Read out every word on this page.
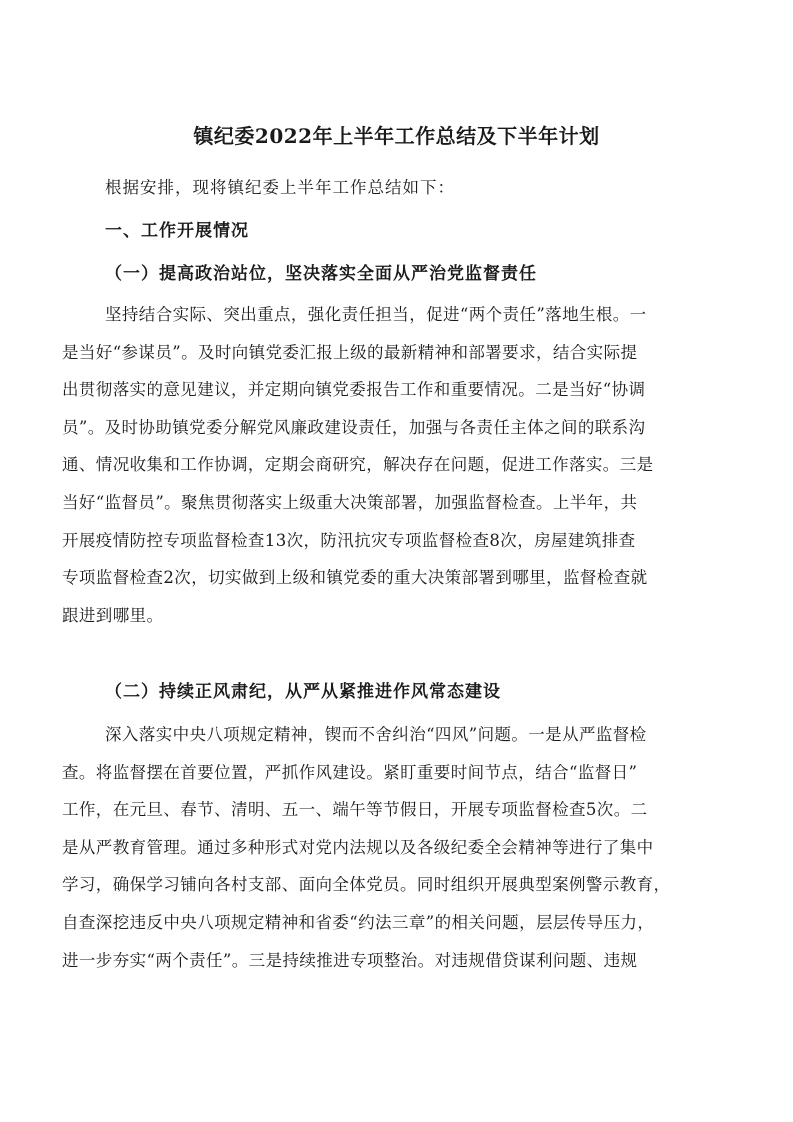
镇纪委2022年上半年工作总结及下半年计划
根据安排，现将镇纪委上半年工作总结如下：
一、工作开展情况
（一）提高政治站位，坚决落实全面从严治党监督责任
坚持结合实际、突出重点，强化责任担当，促进“两个责任”落地生根。一
是当好“参谋员”。及时向镇党委汇报上级的最新精神和部署要求，结合实际提
出贯彻落实的意见建议，并定期向镇党委报告工作和重要情况。二是当好“协调
员”。及时协助镇党委分解党风廉政建设责任，加强与各责任主体之间的联系沟
通、情况收集和工作协调，定期会商研究，解决存在问题，促进工作落实。三是
当好“监督员”。聚焦贯彻落实上级重大决策部署，加强监督检查。上半年，共
开展疫情防控专项监督检查13次，防汛抗灾专项监督检查8次，房屋建筑排查
专项监督检查2次，切实做到上级和镇党委的重大决策部署到哪里，监督检查就
跟进到哪里。
（二）持续正风肃纪，从严从紧推进作风常态建设
深入落实中央八项规定精神，锲而不舍纠治“四风”问题。一是从严监督检
查。将监督摆在首要位置，严抓作风建设。紧盯重要时间节点，结合“监督日”
工作，在元旦、春节、清明、五一、端午等节假日，开展专项监督检查5次。二
是从严教育管理。通过多种形式对党内法规以及各级纪委全会精神等进行了集中
学习，确保学习铺向各村支部、面向全体党员。同时组织开展典型案例警示教育，
自查深挖违反中央八项规定精神和省委“约法三章”的相关问题，层层传导压力，
进一步夯实“两个责任”。三是持续推进专项整治。对违规借贷谋利问题、违规
